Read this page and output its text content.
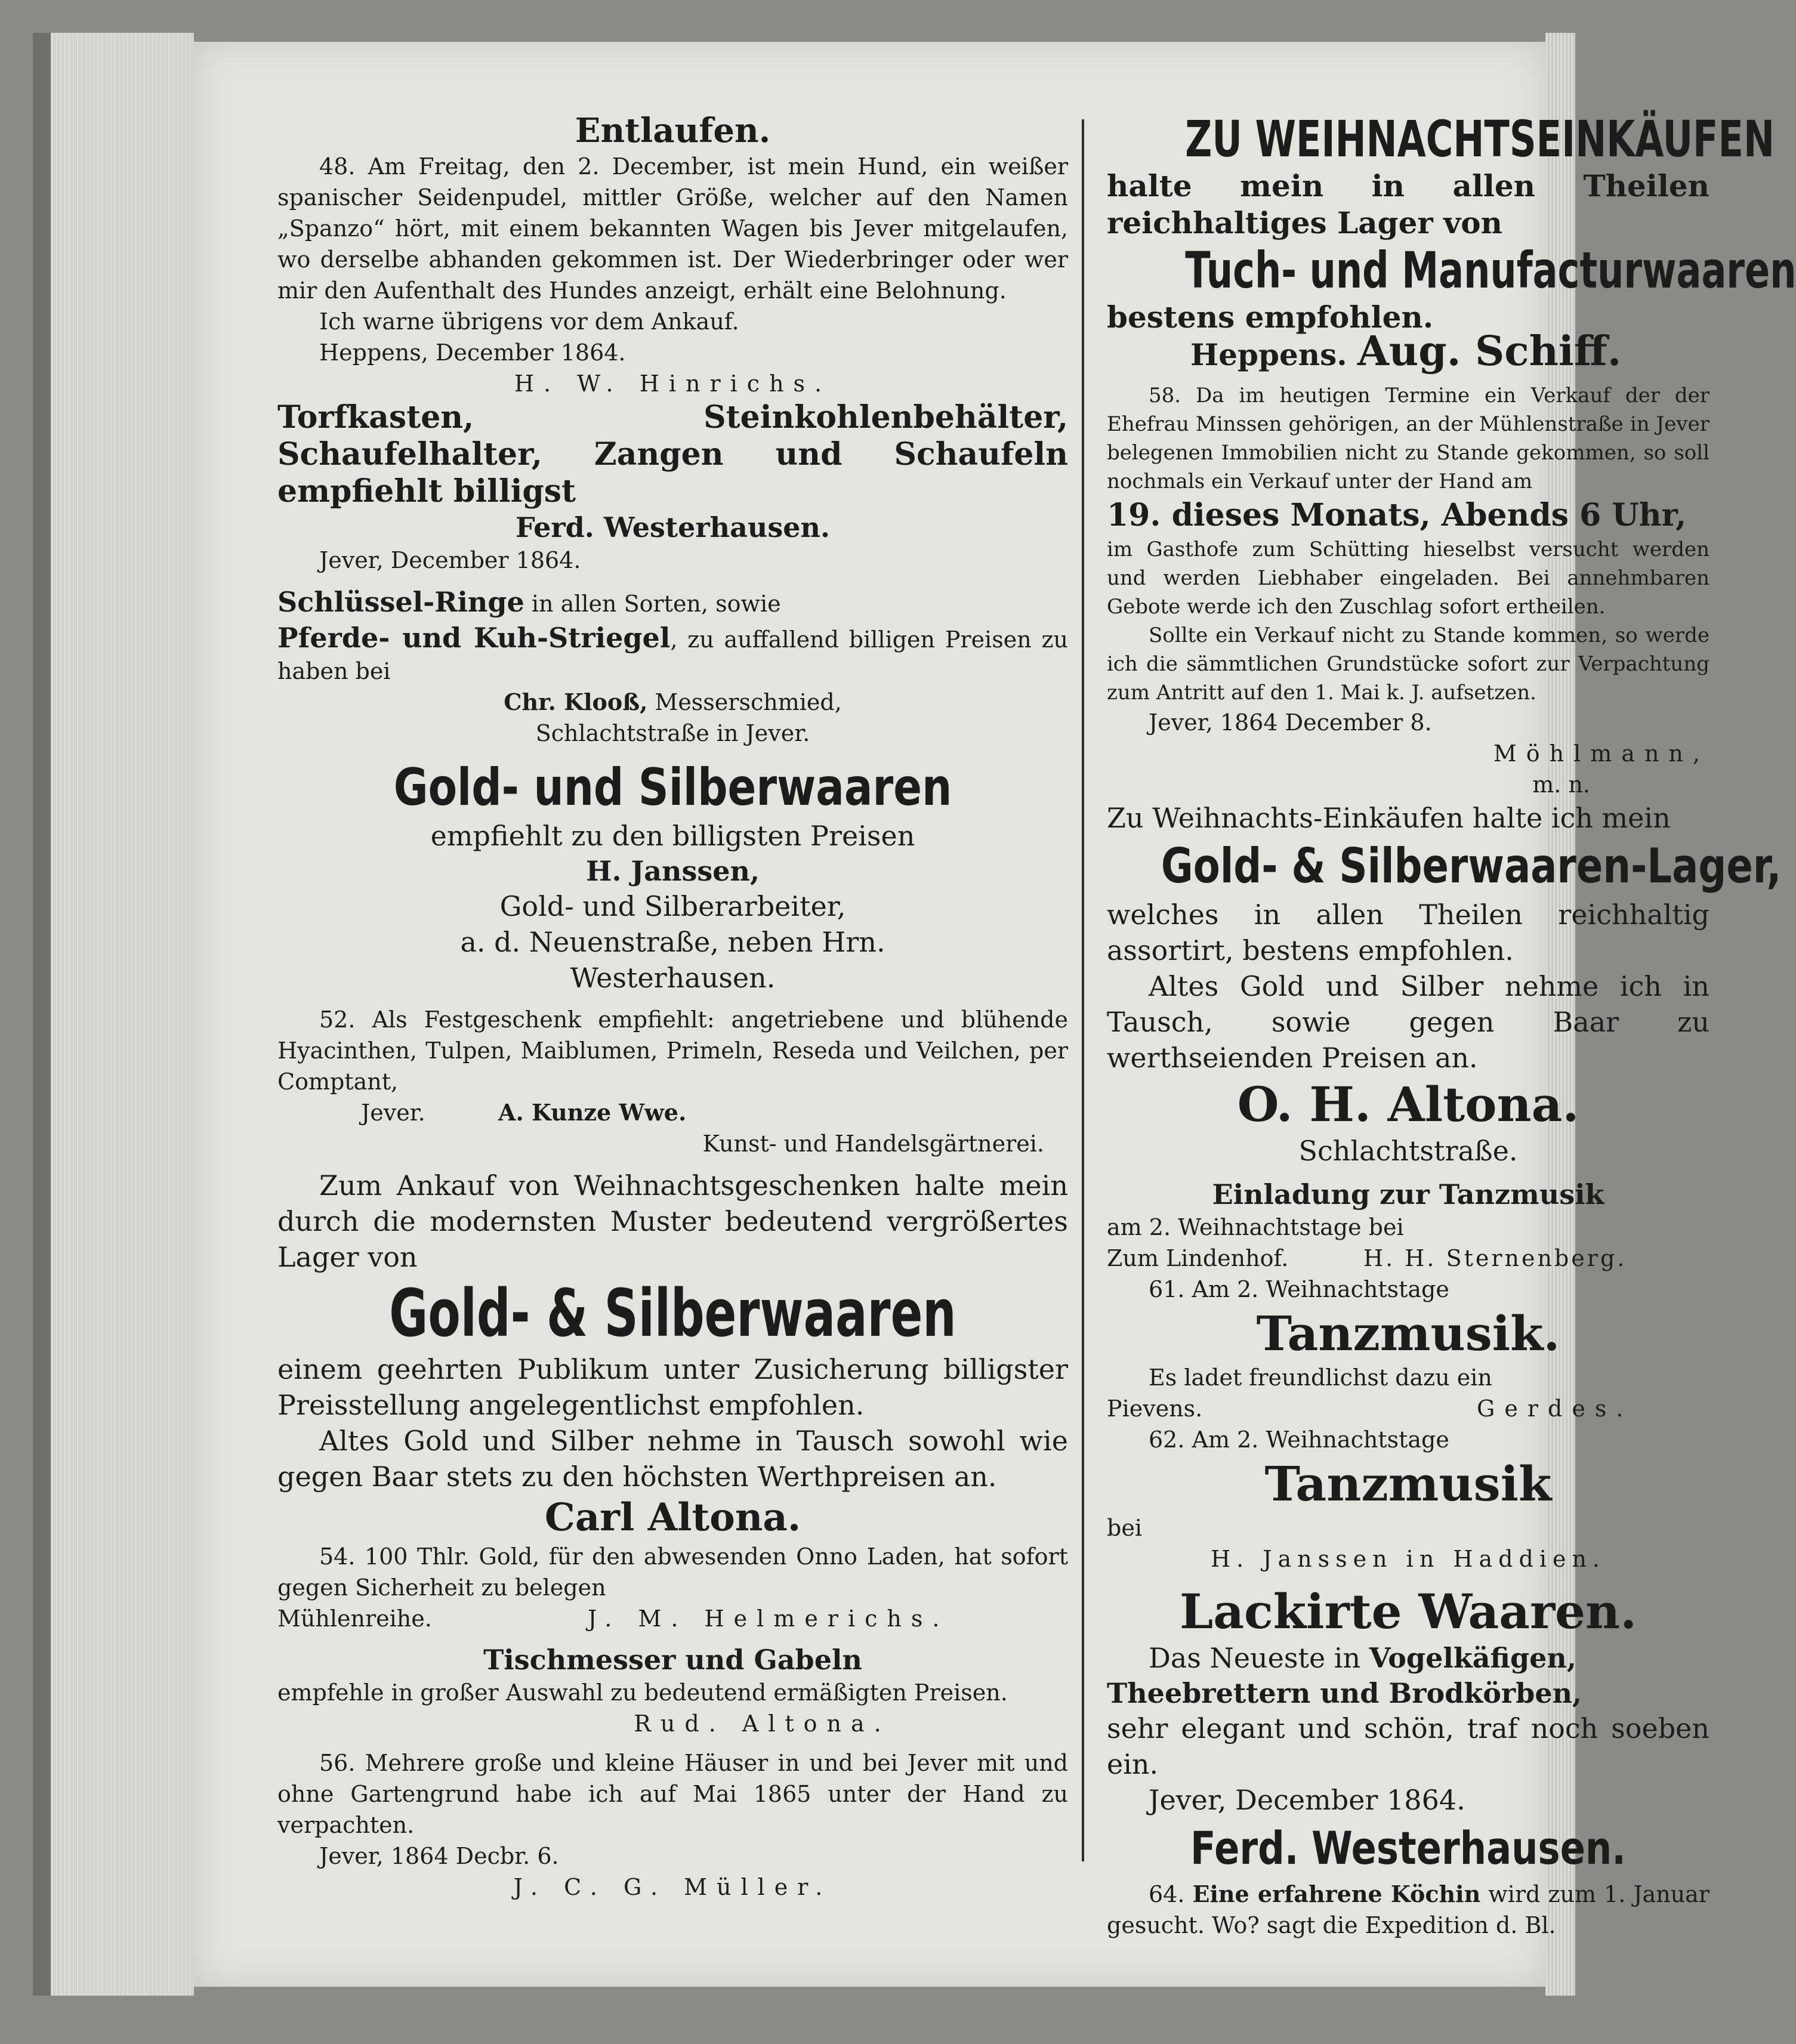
Entlaufen.

48. Am Freitag, den 2. December, ist mein Hund, ein weißer spanischer Seidenpudel, mittler Größe, welcher auf den Namen „Spanzo“ hört, mit einem bekannten Wagen bis Jever mitgelaufen, wo derselbe abhanden gekommen ist. Der Wiederbringer oder wer mir den Aufenthalt des Hundes anzeigt, erhält eine Belohnung.

Ich warne übrigens vor dem Ankauf.

Heppens, December 1864.

H. W. Hinrichs.

Torfkasten, Steinkohlenbehälter, Schaufelhalter, Zangen und Schaufeln empfiehlt billigst

Ferd. Westerhausen.

Jever, December 1864.

Schlüssel-Ringe in allen Sorten, sowie
Pferde- und Kuh-Striegel, zu auffallend billigen Preisen zu haben bei

Chr. Klooß, Messerschmied,

Schlachtstraße in Jever.

Gold- und Silberwaaren

empfiehlt zu den billigsten Preisen

H. Janssen,

Gold- und Silberarbeiter,

a. d. Neuenstraße, neben Hrn.

Westerhausen.

52. Als Festgeschenk empfiehlt: angetriebene und blühende Hyacinthen, Tulpen, Maiblumen, Primeln, Reseda und Veilchen, per Comptant,

Jever.	A. Kunze Wwe.

Kunst- und Handelsgärtnerei.

Zum Ankauf von Weihnachtsgeschenken halte mein durch die modernsten Muster bedeutend vergrößertes Lager von

Gold- & Silberwaaren

einem geehrten Publikum unter Zusicherung billigster Preisstellung angelegentlichst empfohlen.

Altes Gold und Silber nehme in Tausch sowohl wie gegen Baar stets zu den höchsten Werthpreisen an.

Carl Altona.

54. 100 Thlr. Gold, für den abwesenden Onno Laden, hat sofort gegen Sicherheit zu belegen

Mühlenreihe.	J. M. Helmerichs.

Tischmesser und Gabeln

empfehle in großer Auswahl zu bedeutend ermäßigten Preisen.

Rud. Altona.

56. Mehrere große und kleine Häuser in und bei Jever mit und ohne Gartengrund habe ich auf Mai 1865 unter der Hand zu verpachten.

Jever, 1864 Decbr. 6.

J. C. G. Müller.

ZU WEIHNACHTSEINKÄUFEN

halte mein in allen Theilen reichhaltiges Lager von

Tuch- und Manufacturwaaren

bestens empfohlen.

Heppens. Aug. Schiff.

58. Da im heutigen Termine ein Verkauf der der Ehefrau Minssen gehörigen, an der Mühlenstraße in Jever belegenen Immobilien nicht zu Stande gekommen, so soll nochmals ein Verkauf unter der Hand am

19. dieses Monats, Abends 6 Uhr,

im Gasthofe zum Schütting hieselbst versucht werden und werden Liebhaber eingeladen. Bei annehmbaren Gebote werde ich den Zuschlag sofort ertheilen.

Sollte ein Verkauf nicht zu Stande kommen, so werde ich die sämmtlichen Grundstücke sofort zur Verpachtung zum Antritt auf den 1. Mai k. J. aufsetzen.

Jever, 1864 December 8.

Möhlmann,

m. n.

Zu Weihnachts-Einkäufen halte ich mein

Gold- & Silberwaaren-Lager,

welches in allen Theilen reichhaltig assortirt, bestens empfohlen.

Altes Gold und Silber nehme ich in Tausch, sowie gegen Baar zu werthseienden Preisen an.

O. H. Altona.

Schlachtstraße.

Einladung zur Tanzmusik

am 2. Weihnachtstage bei

Zum Lindenhof.	H. H. Sternenberg.

61. Am 2. Weihnachtstage

Tanzmusik.

Es ladet freundlichst dazu ein

Pievens.	Gerdes.

62. Am 2. Weihnachtstage

Tanzmusik

bei

H. Janssen in Haddien.

Lackirte Waaren.

Das Neueste in Vogelkäfigen,

Theebrettern und Brodkörben,

sehr elegant und schön, traf noch soeben ein.

Jever, December 1864.

Ferd. Westerhausen.

64. Eine erfahrene Köchin wird zum 1. Januar gesucht. Wo? sagt die Expedition d. Bl.
